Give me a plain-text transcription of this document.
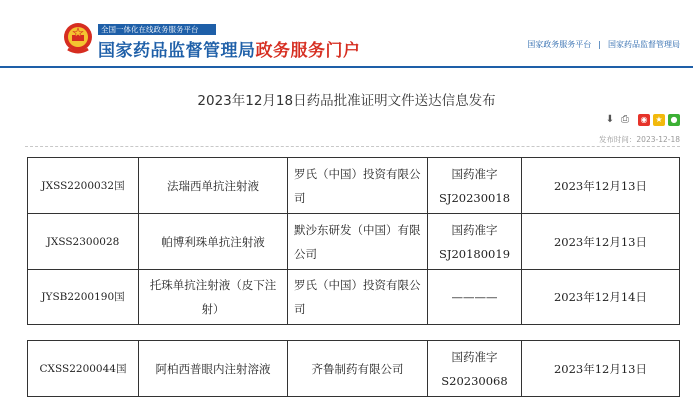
全国一体化在线政务服务平台
国家药品监督管理局政务服务门户	国家政务服务平台 | 国家药品监督管理局
2023年12月18日药品批准证明文件送达信息发布
⬇ ⎙	◉ ★ ●
发布时间：2023-12-18
JXSS2200032国	法瑞西单抗注射液	罗氏（中国）投资有限公司	国药准字SJ20230018	2023年12月13日
JXSS2300028	帕博利珠单抗注射液	默沙东研发（中国）有限公司	国药准字SJ20180019	2023年12月13日
JYSB2200190国	托珠单抗注射液（皮下注射）	罗氏（中国）投资有限公司	————	2023年12月14日
CXSS2200044国	阿柏西普眼内注射溶液	齐鲁制药有限公司	国药准字S20230068	2023年12月13日
